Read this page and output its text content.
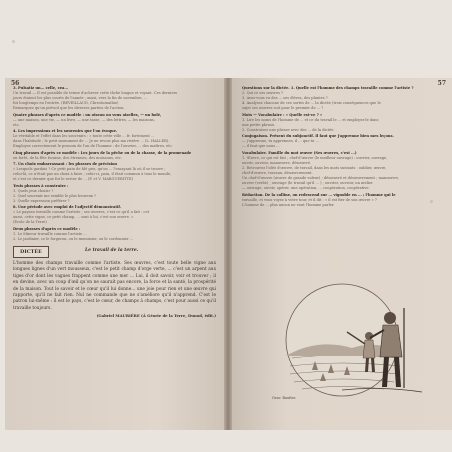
56
3. Pulsatiz un... celle, cea...
Un travail — Il est possible de terme d'achever cette tâche longue et voyant. Ces derniers
jours étaient les plus courts de l'année ; aussi, vers la fin de novembre, ...
fut longtemps en l'entrée. (REVEILLAUD, Chrestomathie)
Remarquez qu'on prévoit que les diverses parties de l'action.
Quatre phrases d'après ce modèle : un oiseau ou vous oiselles, — un bolé,
— une maison, une vie, — un livre, — une tasse, — des lettres, — les maisons,
etc.
4. Les impressions et les souvenirs que l'on évoque.
Le véritable et l'effet dans les souvenirs : « toute cette ville ... fr. fortement ...
dans l'habitude ; le petit monument de ... Je ne revois plus ma rivière ... (L. HALLER).
Employez correctement le pronom de l'on de l'homme : de l'ouvrier, ... des maîtres, etc.
Cinq phrases d'après ce modèle : Les jours de la pêche ou de la chasse, de la promenade
en forêt, de la fête foraine, des étrennes, des moissons, etc.
7. Un choix embarrassant : les phrases de précision
« Lesquels gardais ? Ce petit pain de blé gris, qu'on ... l'essayant là où il se trouve ;
celui-là, ce n'était pas un choix à faire ; celui-ci, pain, il était commun à tous le monde,
et c'est ce dernier que fut le rester de ... (F. et V. MARGUERITTE)
Trois phrases à construire :
1. Quels jeux choisir ?
2. Quel souvenir me semble le plus heureux ?
3. Quelle expression préférer ?
8. Une période avec emploi de l'adjectif démonstratif.
« Le paysan travaille comme l'artiste ; ses œuvres, c'est ce qu'il a fait : cet
aussi, cette vigne, ce petit champ, ... sont à lui, c'est son œuvre. »
(École de la Terre)
Deux phrases d'après ce modèle :
1. Le Mineur travaille comme l'artiste ...
2. Le jardinier, ce le forgeron, ou le menuisier, ou le cordonnier ...
DICTÉE	Le travail de la terre.
L'homme des champs travaille comme l'artiste. Ses œuvres, c'est toute belle vigne aux longues lignes d'un vert mousseux, c'est le petit champ d'orge verte, ... c'est un arpent aux tiges d'or dont les vagues frappent comme une mer ... Lui, il doit savoir, voir et trouver ; il en devine, avec un coup d'œil qu'on ne saurait pas encore, la force et la santé, la prospérité de la maison. Tout le savoir et le cœur qu'il lui donne... une joie pour rien et une œuvre qui rapporte, qu'il ne fait rien. Nul ne commande que ne s'améliore qu'il n'apprend. C'est le patron lui-même : il est le pays, c'est le cœur, de champs à champs, c'est pour aussi ce qu'il travaille toujours.
(Gabriel MAURIÈRE (À Géorie de la Terre, Dunod, édit.)
57
Questions sur la dictée. 1. Quelle est l'homme des champs travaille comme l'artiste ?
2. Qui ce ses œuvres ?
3. Avez-vous vu des ... ses élèves, des plantes ?
4. Analysez chacune de ces sortes de ... la dictée (trois conséquences que le
sujet ses œuvres soit pour le premier de ... ?
Mots — Vocabulaire : « Quelle est-ce ? »
1. Lire les noms de l'homme de ... et ce du travail le ... et employez-le dans
une petite phrase.
2. Construisez une phrase avec des ... de la dictée.
Conjugaison. Présent du subjonctif. Il faut que j'apprenne bien mes leçons.
— j'apprenne, tu apprennes, il ... que tu ...
— il faut que nous ...
Vocabulaire. Famille du mot œuvre (Ses œuvres, c'est ...)
1. Œuvre, ce qui est fait ; chef-d'œuvre (le meilleur ouvrage) : ouvrier, ouvrage,
ouvrir, ouvroir, manœuvre, désœuvré.
2. Retrouvez l'idée d'œuvre, de travail, dans les mots suivants : oublier, œuvre,
chef-d'œuvre, travaux, désœuvrement.
Un chef-d'œuvre (œuvre de grande valeur) ; désœuvré et désœuvrement ; manœuvre,
ouvrer (verbe) ; ouvrage (le travail qu'il ... ) ; ouvrier, ouvroir, un atelier
— ouvrage, ouvrir, opérer, une opération, ... coopération, coopérative.
Rédaction. De la colline, on redescend sur ... vignoble en ... ; l'homme qui le
travaille, et vous voyez à votre tour, et il dit : « il est fier de son œuvre » ?
L'homme de ... plus aucun ne vaut l'homme parler.
Grav. Baufier.
